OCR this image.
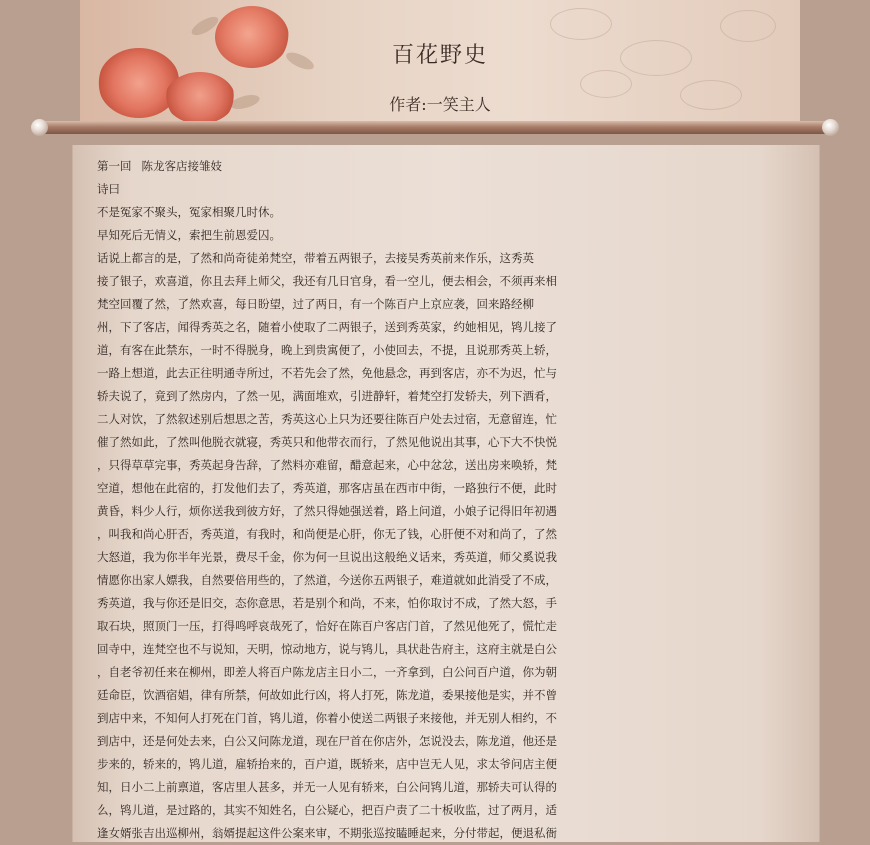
百花野史
作者:一笑主人
第一回 陈龙客店接雏妓
诗曰
不是冤家不聚头，冤家相聚几时休。
早知死后无情义，索把生前恩爱囚。
话说上都言的是，了然和尚奇徒弟梵空，带着五两银子，去接吴秀英前来作乐，这秀英
接了银子，欢喜道，你且去拜上师父，我还有几日官身，看一空儿，便去相会，不须再来相
梵空回覆了然，了然欢喜，每日盼望，过了两日，有一个陈百户上京应袭，回来路经柳
州，下了客店，闻得秀英之名，随着小使取了二两银子，送到秀英家，约她相见，鸨儿接了
道，有客在此禁东，一时不得脱身，晚上到贵寓便了，小使回去，不提，且说那秀英上轿，
一路上想道，此去正往明通寺所过，不若先会了然，免他悬念，再到客店，亦不为迟，忙与
轿夫说了，竟到了然房内，了然一见，满面堆欢，引进静轩，着梵空打发轿夫，列下酒肴，
二人对饮，了然叙述别后想思之苦，秀英这心上只为还要往陈百户处去过宿，无意留连，忙
催了然如此，了然叫他脱衣就寝，秀英只和他带衣而行，了然见他说出其事，心下大不快悦
，只得草草完事，秀英起身告辞，了然料亦难留，醋意起来，心中忿忿，送出房来唤轿，梵
空道，想他在此宿的，打发他们去了，秀英道，那客店虽在西市中街，一路独行不便，此时
黄昏，料少人行，烦你送我到彼方好，了然只得她强送着，路上问道，小娘子记得旧年初遇
，叫我和尚心肝否，秀英道，有我时，和尚便是心肝，你无了钱，心肝便不对和尚了，了然
大怒道，我为你半年光景，费尽千金，你为何一旦说出这般绝义话来，秀英道，师父奚说我
情愿你出家人嫖我，自然要倍用些的，了然道，今送你五两银子，难道就如此消受了不成，
秀英道，我与你还是旧交，态你意思，若是别个和尚，不来，怕你取讨不成，了然大怒，手
取石块，照顶门一压，打得鸣呼哀哉死了，恰好在陈百户客店门首，了然见他死了，慌忙走
回寺中，连梵空也不与说知，天明，惊动地方，说与鸨儿，具状赴告府主，这府主就是白公
，自老爷初任来在柳州，即差人将百户陈龙店主日小二，一齐拿到，白公问百户道，你为朝
廷命臣，饮酒宿娼，律有所禁，何故如此行凶，将人打死，陈龙道，委果接他是实，并不曾
到店中来，不知何人打死在门首，鸨儿道，你着小使送二两银子来接他，并无别人相约，不
到店中，还是何处去来，白公又问陈龙道，现在尸首在你店外，怎说没去，陈龙道，他还是
步来的，轿来的，鸨儿道，雇轿抬来的，百户道，既轿来，店中岂无人见，求太爷问店主便
知，日小二上前禀道，客店里人甚多，并无一人见有轿来，白公问鸨儿道，那轿夫可认得的
么，鸨儿道，是过路的，其实不知姓名，白公疑心，把百户责了二十板收监，过了两月，适
逢女婿张吉出巡柳州，翁婿提起这件公案来审，不期张巡按瞌睡起来，分付带起，便退私衙
